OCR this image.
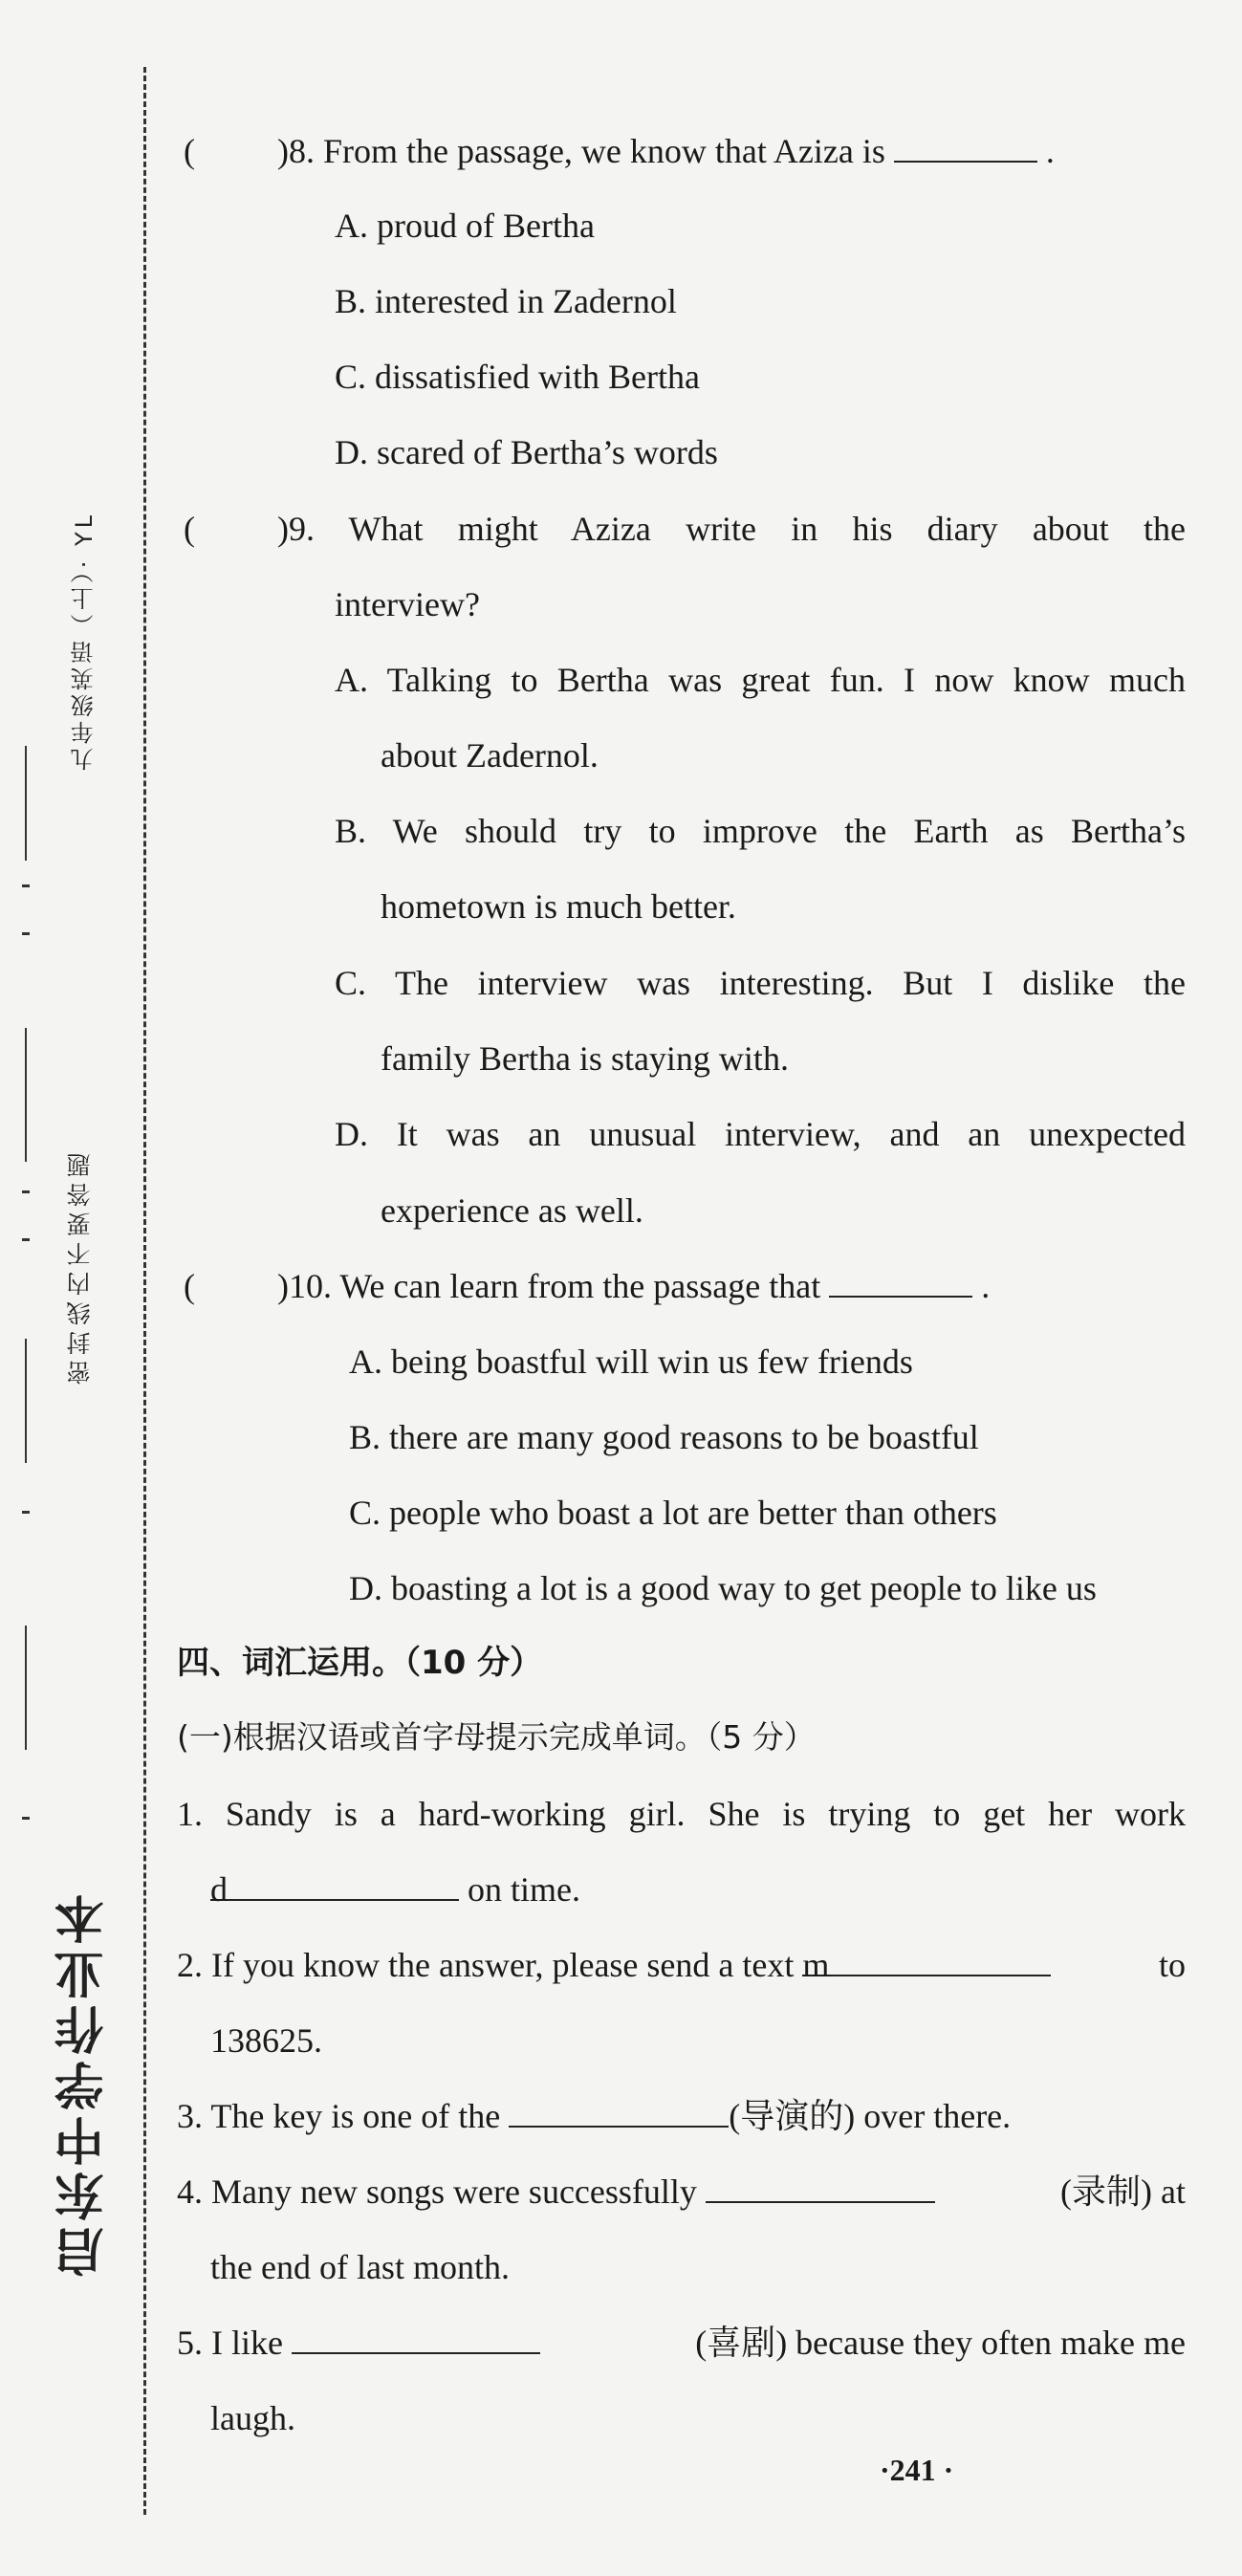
九年级英语（上）· YL
密封线内不要答题
启东中学作业本
( )8. From the passage, we know that Aziza is	.
A. proud of Bertha
B. interested in Zadernol
C. dissatisfied with Bertha
D. scared of Bertha’s words
( )9. What might Aziza write in his diary about the
interview?
A. Talking to Bertha was great fun. I now know much
about Zadernol.
B. We should try to improve the Earth as Bertha’s
hometown is much better.
C. The interview was interesting. But I dislike the
family Bertha is staying with.
D. It was an unusual interview, and an unexpected
experience as well.
( )10. We can learn from the passage that	.
A. being boastful will win us few friends
B. there are many good reasons to be boastful
C. people who boast a lot are better than others
D. boasting a lot is a good way to get people to like us
四、词汇运用。（10 分）
(一)根据汉语或首字母提示完成单词。（5 分）
1. Sandy is a hard-working girl. She is trying to get her work
d	on time.
2. If you know the answer, please send a text m	to
138625.
3. The key is one of the	(导演的) over there.
4. Many new songs were successfully	(录制) at
the end of last month.
5. I like	(喜剧) because they often make me
laugh.
·241 ·
